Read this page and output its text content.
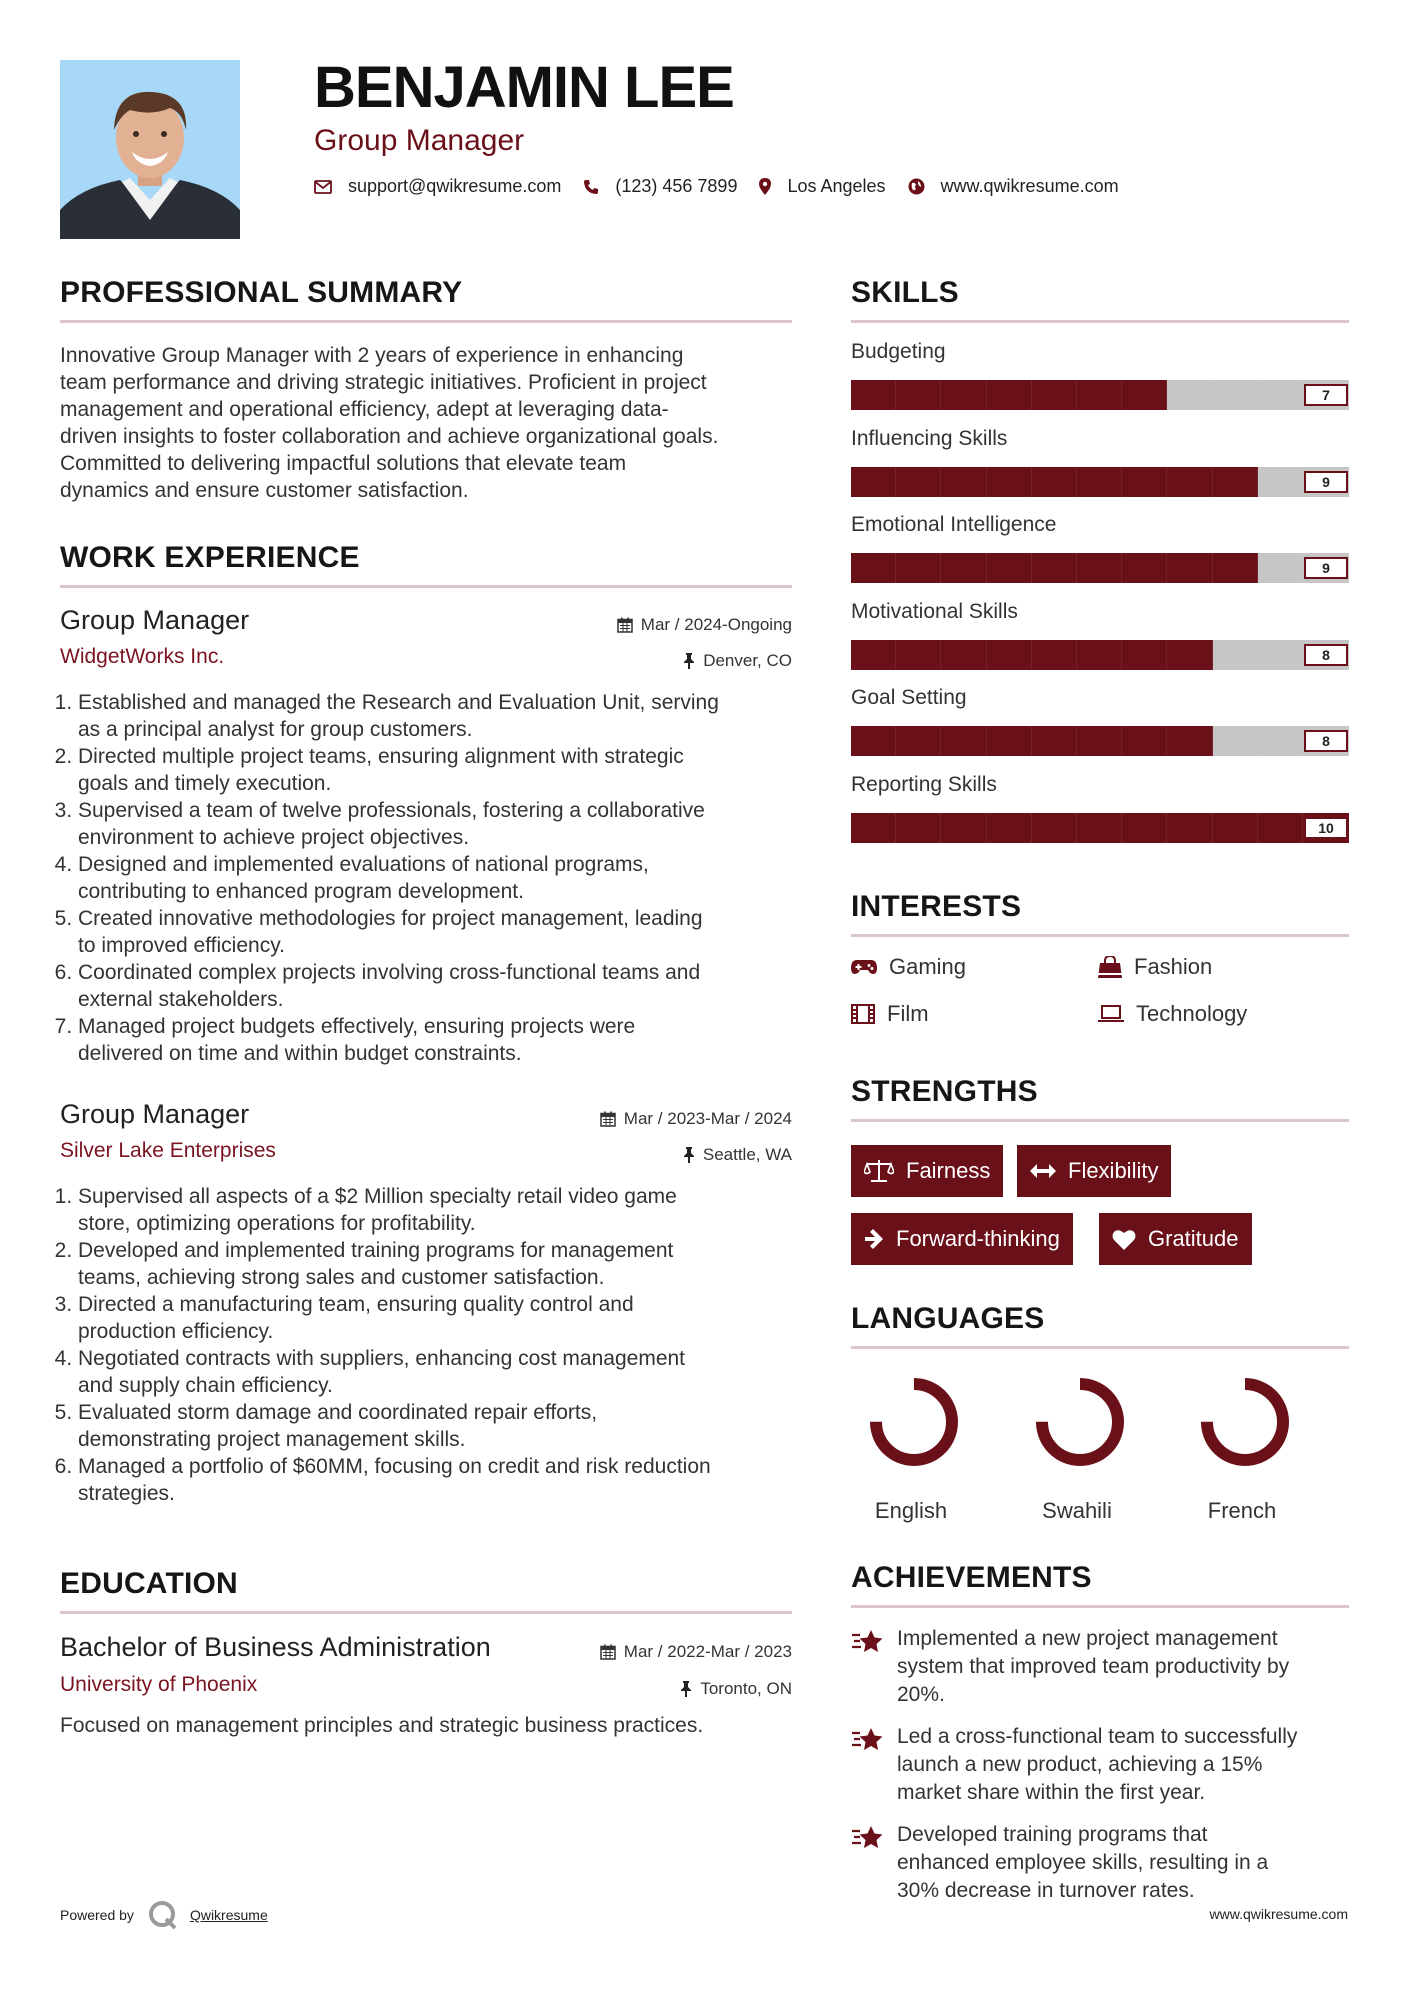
BENJAMIN LEE
Group Manager
support@qwikresume.com	(123) 456 7899	Los Angeles	www.qwikresume.com
PROFESSIONAL SUMMARY

Innovative Group Manager with 2 years of experience in enhancing
team performance and driving strategic initiatives. Proficient in project
management and operational efficiency, adept at leveraging data-
driven insights to foster collaboration and achieve organizational goals.
Committed to delivering impactful solutions that elevate team
dynamics and ensure customer satisfaction.

WORK EXPERIENCE
Group Manager	Mar / 2024-Ongoing
WidgetWorks Inc.	Denver, CO
1. Established and managed the Research and Evaluation Unit, serving
as a principal analyst for group customers.
2. Directed multiple project teams, ensuring alignment with strategic
goals and timely execution.
3. Supervised a team of twelve professionals, fostering a collaborative
environment to achieve project objectives.
4. Designed and implemented evaluations of national programs,
contributing to enhanced program development.
5. Created innovative methodologies for project management, leading
to improved efficiency.
6. Coordinated complex projects involving cross-functional teams and
external stakeholders.
7. Managed project budgets effectively, ensuring projects were
delivered on time and within budget constraints.
Group Manager	Mar / 2023-Mar / 2024
Silver Lake Enterprises	Seattle, WA
1. Supervised all aspects of a $2 Million specialty retail video game
store, optimizing operations for profitability.
2. Developed and implemented training programs for management
teams, achieving strong sales and customer satisfaction.
3. Directed a manufacturing team, ensuring quality control and
production efficiency.
4. Negotiated contracts with suppliers, enhancing cost management
and supply chain efficiency.
5. Evaluated storm damage and coordinated repair efforts,
demonstrating project management skills.
6. Managed a portfolio of $60MM, focusing on credit and risk reduction
strategies.
EDUCATION
Bachelor of Business Administration	Mar / 2022-Mar / 2023
University of Phoenix	Toronto, ON
Focused on management principles and strategic business practices.
SKILLS
Budgeting
7
Influencing Skills
9
Emotional Intelligence
9
Motivational Skills
8
Goal Setting
8
Reporting Skills
10
INTERESTS
Gaming	Fashion
Film	Technology
STRENGTHS
Fairness	Flexibility
Forward-thinking	Gratitude
LANGUAGES
English	Swahili	French
ACHIEVEMENTS
Implemented a new project management
system that improved team productivity by
20%.
Led a cross-functional team to successfully
launch a new product, achieving a 15%
market share within the first year.
Developed training programs that
enhanced employee skills, resulting in a
30% decrease in turnover rates.
Powered by	Qwikresume	www.qwikresume.com
